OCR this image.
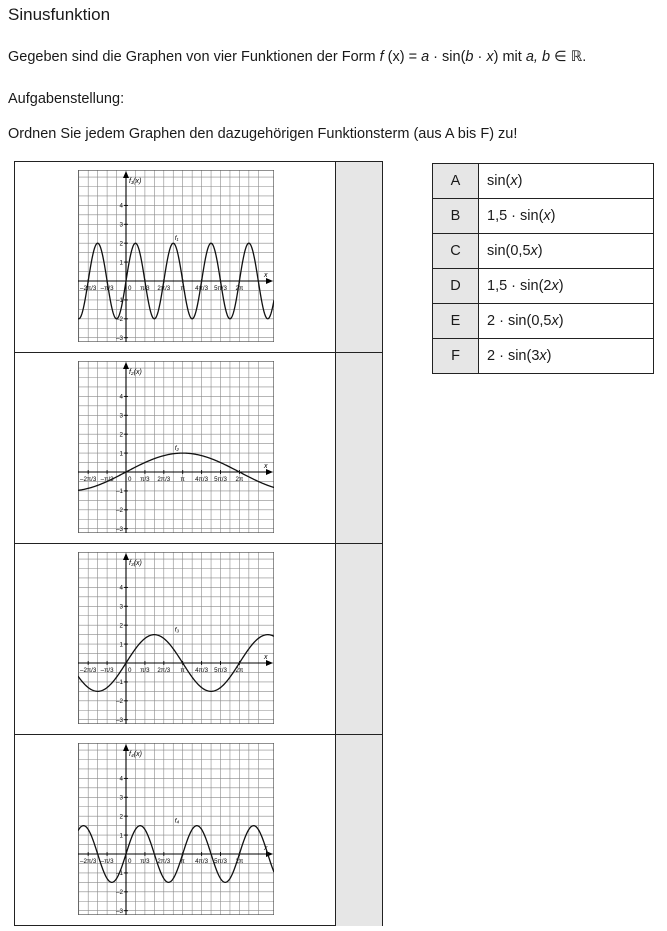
Sinusfunktion
Gegeben sind die Graphen von vier Funktionen der Form f (x) = a · sin(b · x) mit a, b ∈ ℝ.
Aufgabenstellung:
Ordnen Sie jedem Graphen den dazugehörigen Funktionsterm (aus A bis F) zu!
–2π/3 –π/3 0 π/3 2π/3 π 4π/3 5π/3 2π
4
3
2
1
–1
–2
–3
x
f₁(x)
f₁
–2π/3 –π/3 0 π/3 2π/3 π 4π/3 5π/3 2π
4
3
2
1
–1
–2
–3
x
f₂(x)
f₂
–2π/3 –π/3 0 π/3 2π/3 π 4π/3 5π/3 2π
4
3
2
1
–1
–2
–3
x
f₃(x)
f₃
–2π/3 –π/3 0 π/3 2π/3 π 4π/3 5π/3 2π
4
3
2
1
–1
–2
–3
x
f₄(x)
f₄
A	sin(x)
B	1,5 · sin(x)
C	sin(0,5x)
D	1,5 · sin(2x)
E	2 · sin(0,5x)
F	2 · sin(3x)
